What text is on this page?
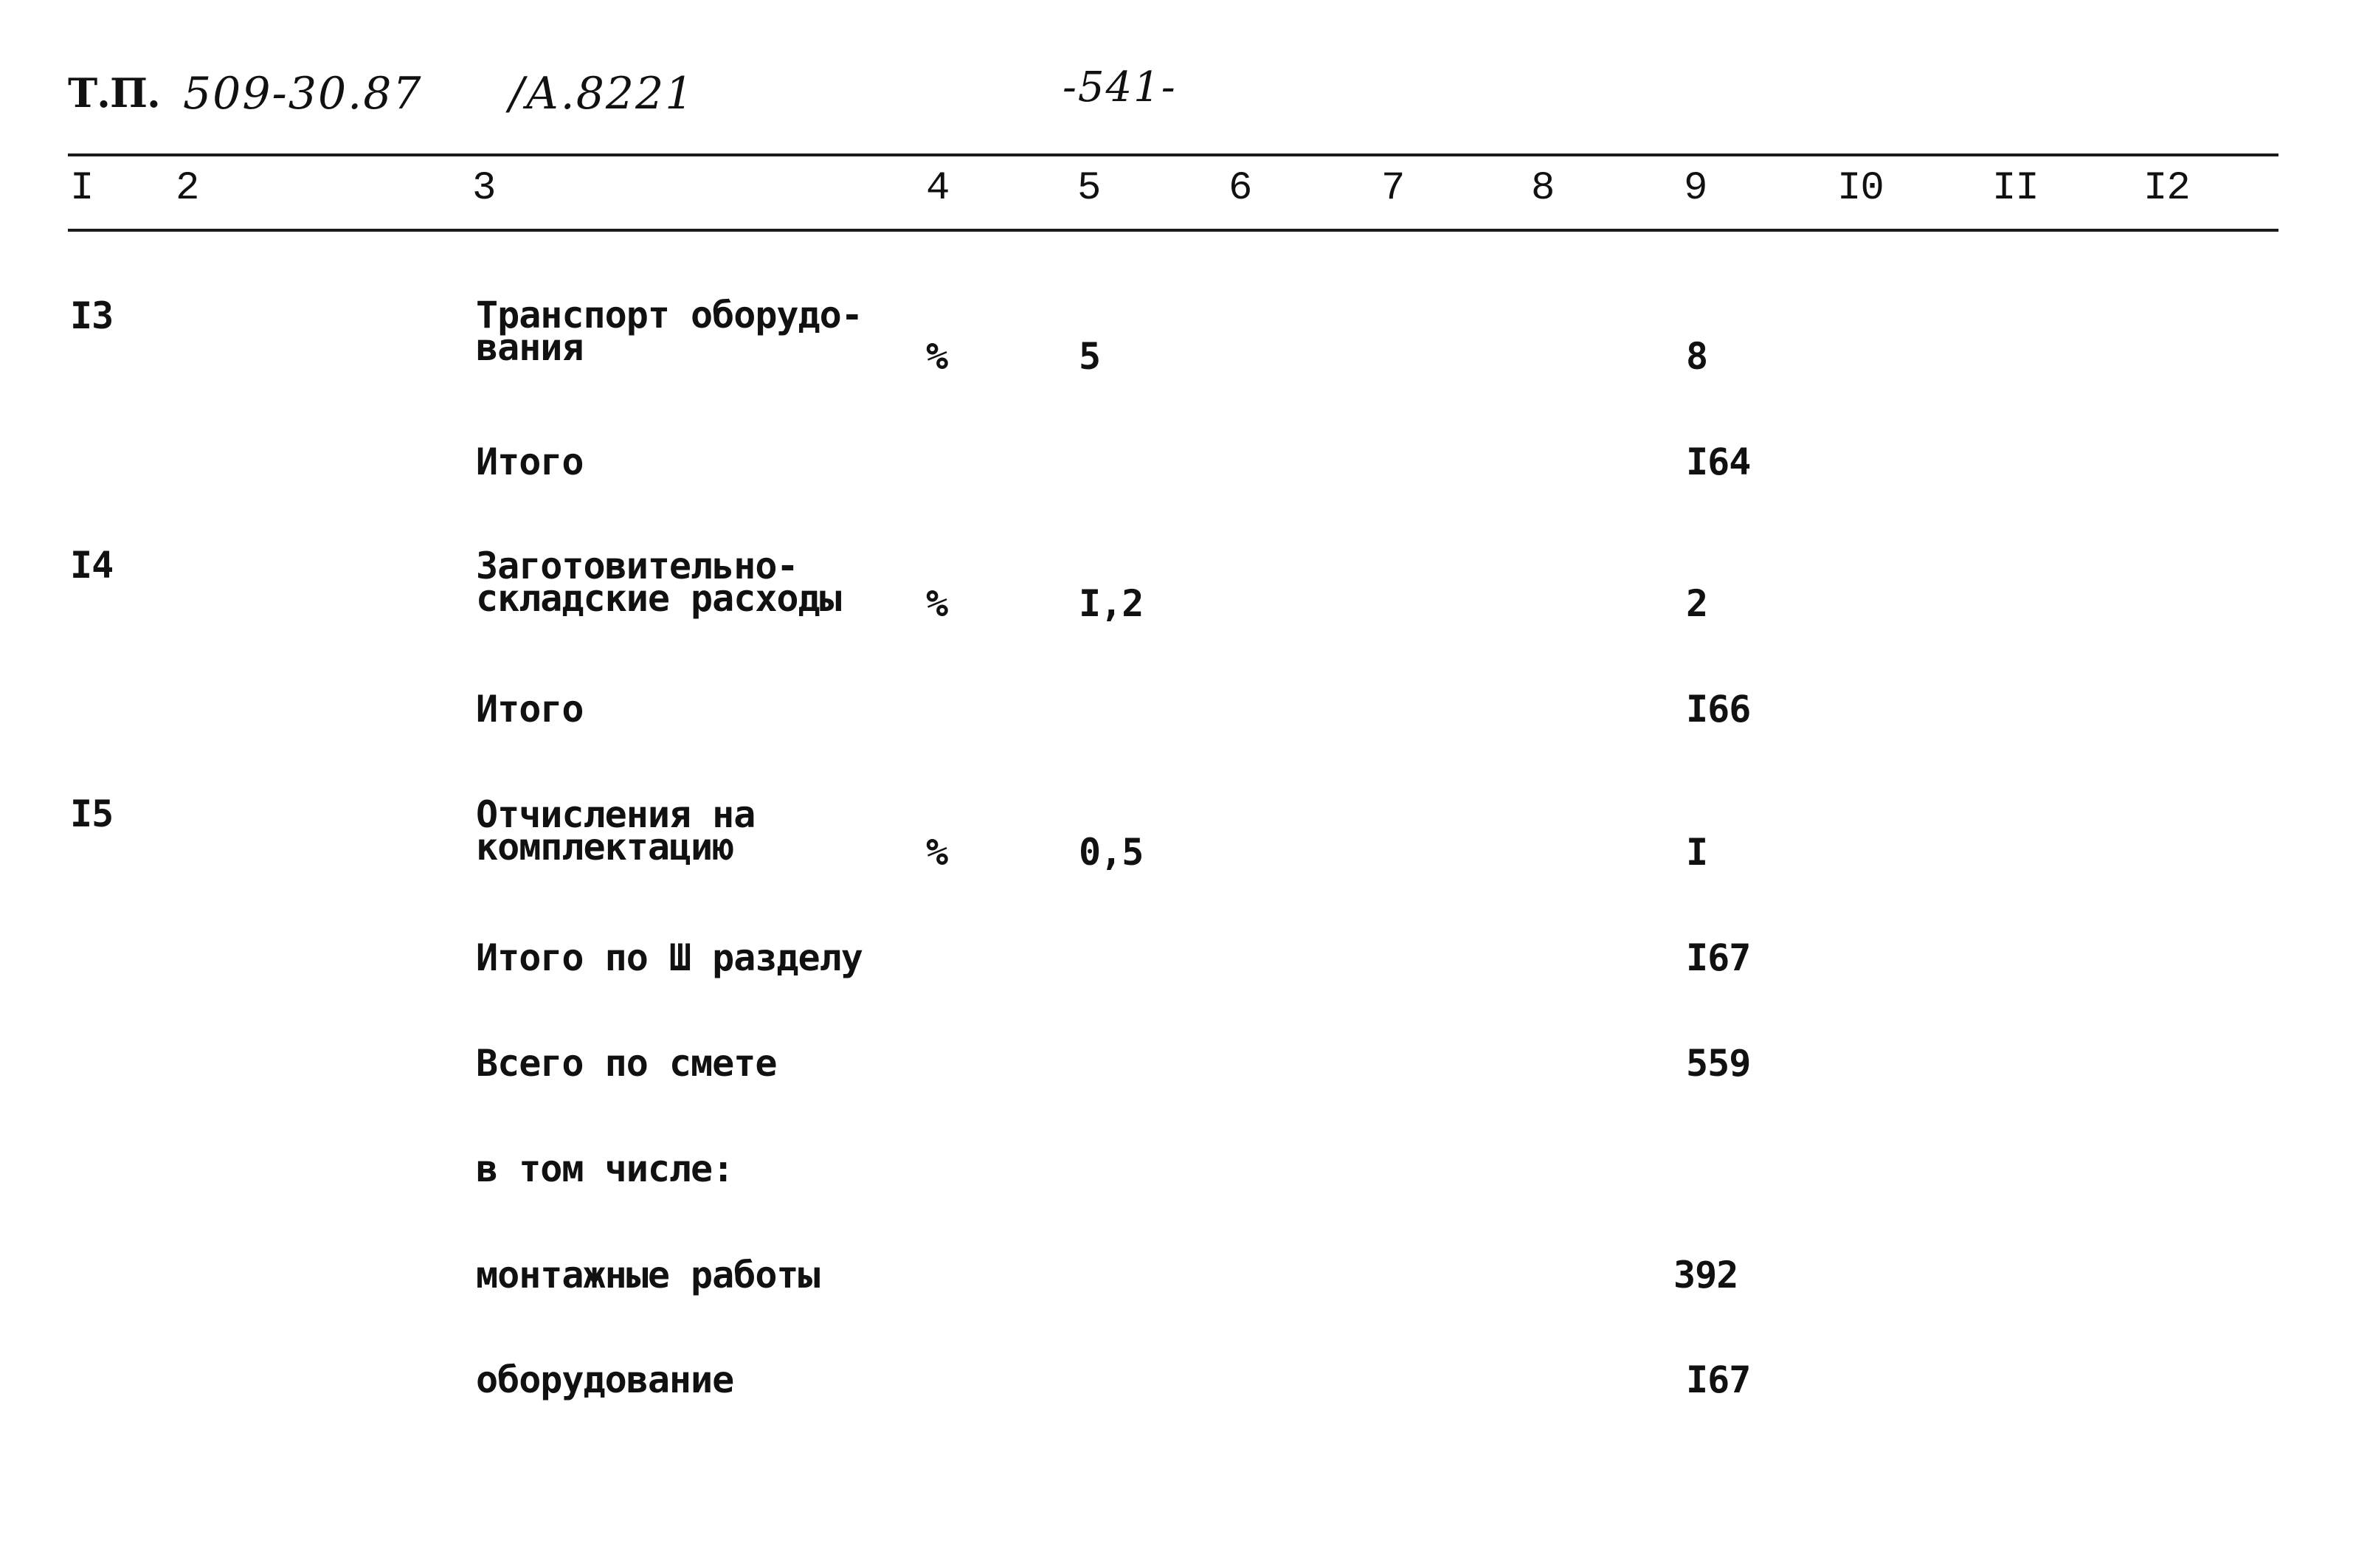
Т.П. 509-30.87 /А.8221	-541-
I 2	3	4	5	6	7	8	9	I0	II	I2
I3	Транспорт оборудо-
вания	%	5	8
Итого	I64
I4	Заготовительно-
складские расходы %	I,2	2
Итого	I66
I5	Отчисления на
комплектацию	%	0,5	I
Итого по Ш разделу	I67
Всего по смете	559
в том числе:
монтажные работы	392
оборудование	I67
